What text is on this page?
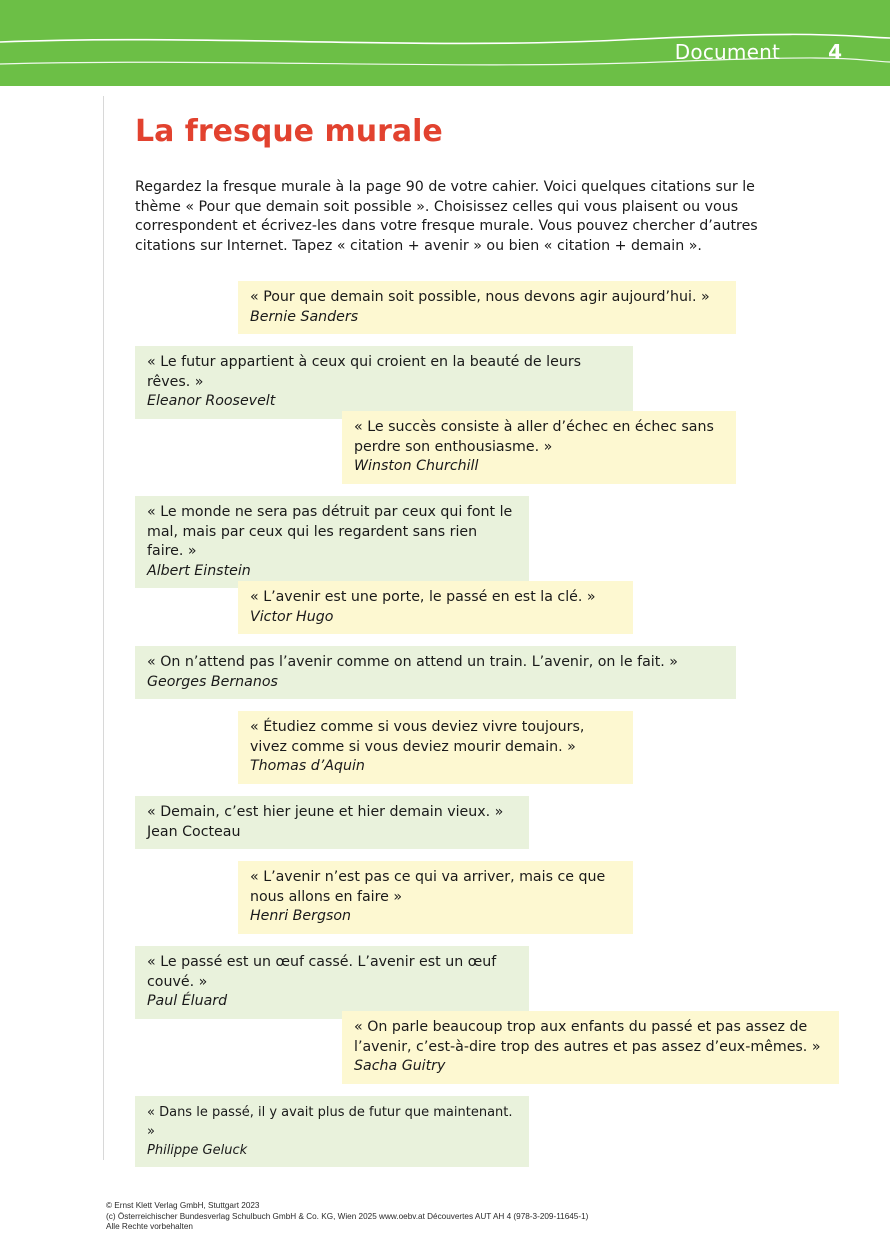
Document 4
La fresque murale

Regardez la fresque murale à la page 90 de votre cahier. Voici quelques citations sur le thème « Pour que demain soit possible ». Choisissez celles qui vous plaisent ou vous correspondent et écrivez-les dans votre fresque murale. Vous pouvez chercher d’autres citations sur Internet. Tapez « citation + avenir » ou bien « citation + demain ».

« Pour que demain soit possible, nous devons agir aujourd’hui. »
Bernie Sanders
« Le futur appartient à ceux qui croient en la beauté de leurs rêves. »
Eleanor Roosevelt
« Le succès consiste à aller d’échec en échec sans perdre son enthousiasme. »
Winston Churchill
« Le monde ne sera pas détruit par ceux qui font le mal, mais par ceux qui les regardent sans rien faire. »
Albert Einstein
« L’avenir est une porte, le passé en est la clé. »
Victor Hugo
« On n’attend pas l’avenir comme on attend un train. L’avenir, on le fait. »
Georges Bernanos
« Étudiez comme si vous deviez vivre toujours, vivez comme si vous deviez mourir demain. »
Thomas d’Aquin
« Demain, c’est hier jeune et hier demain vieux. »
Jean Cocteau
« L’avenir n’est pas ce qui va arriver, mais ce que nous allons en faire »
Henri Bergson
« Le passé est un œuf cassé. L’avenir est un œuf couvé. »
Paul Éluard
« On parle beaucoup trop aux enfants du passé et pas assez de l’avenir, c’est-à-dire trop des autres et pas assez d’eux-mêmes. »
Sacha Guitry
« Dans le passé, il y avait plus de futur que maintenant. »
Philippe Geluck
© Ernst Klett Verlag GmbH, Stuttgart 2023
(c) Österreichischer Bundesverlag Schulbuch GmbH & Co. KG, Wien 2025 www.oebv.at Découvertes AUT AH 4 (978-3-209-11645-1)
Alle Rechte vorbehalten
